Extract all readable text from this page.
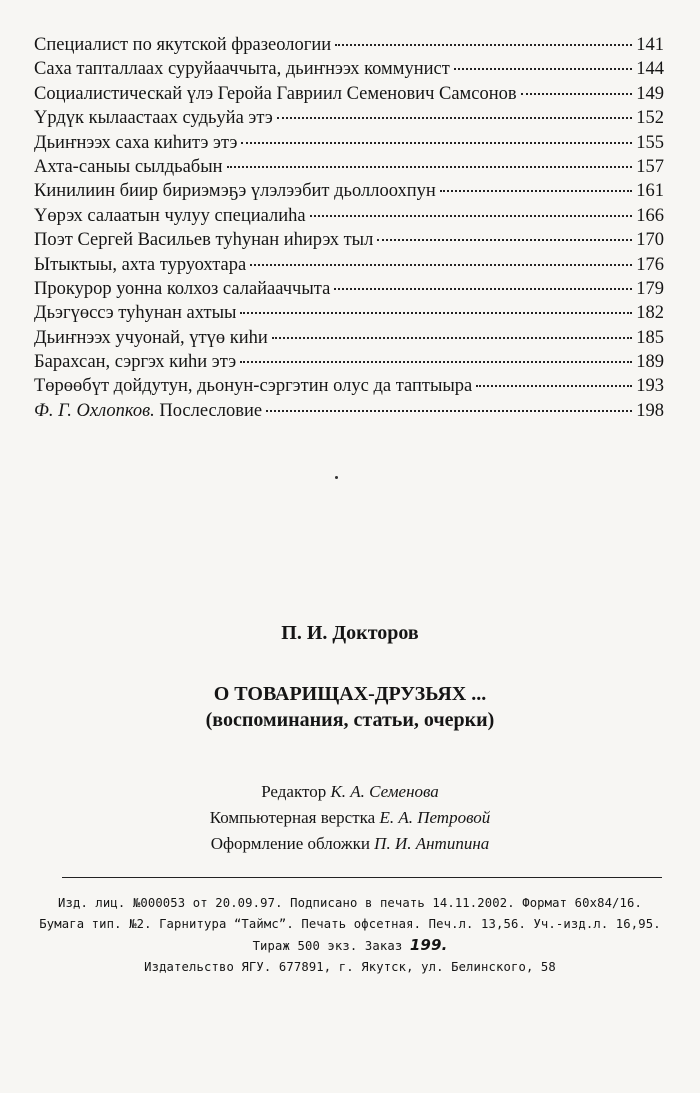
Специалист по якутской фразеологии	141
Саха тапталлаах суруйааччыта, дьиҥнээх коммунист	144
Социалистическай үлэ Геройа Гавриил Семенович Самсонов	149
Үрдүк кылаастаах судьуйа этэ	152
Дьиҥнээх саха киһитэ этэ	155
Ахта-саныы сылдьабын	157
Кинилиин биир бириэмэҕэ үлэлээбит дьоллоохпун	161
Үөрэх салаатын чулуу специалиһа	166
Поэт Сергей Васильев туһунан иһирэх тыл	170
Ытыктыы, ахта туруохтара	176
Прокурор уонна колхоз салайааччыта	179
Дьэгүөссэ туһунан ахтыы	182
Дьиҥнээх учуонай, үтүө киһи	185
Барахсан, сэргэх киһи этэ	189
Төрөөбүт дойдутун, дьонун-сэргэтин олус да таптыыра	193
Ф. Г. Охлопков. Послесловие	198
П. И. Докторов
О ТОВАРИЩАХ-ДРУЗЬЯХ ...
(воспоминания, статьи, очерки)
Редактор К. А. Семенова
Компьютерная верстка Е. А. Петровой
Оформление обложки П. И. Антипина
Изд. лиц. №000053 от 20.09.97. Подписано в печать 14.11.2002. Формат 60x84/16.
Бумага тип. №2. Гарнитура “Таймс”. Печать офсетная. Печ.л. 13,56. Уч.-изд.л. 16,95.
Тираж 500 экз. Заказ 199.
Издательство ЯГУ. 677891, г. Якутск, ул. Белинского, 58
